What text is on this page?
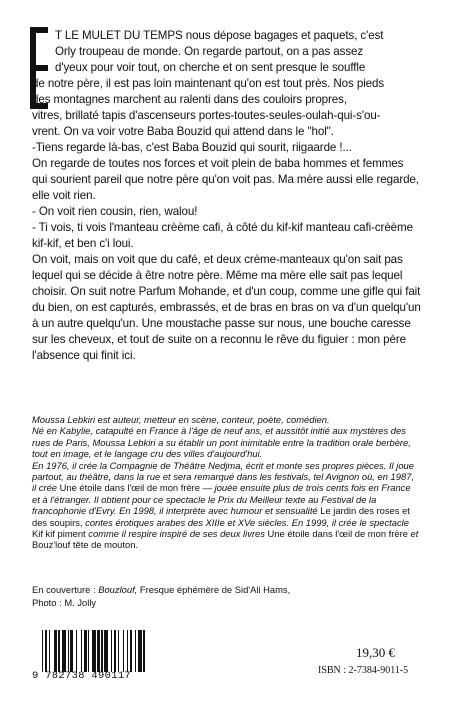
T LE MULET DU TEMPS nous dépose bagages et paquets, c'est

Orly troupeau de monde. On regarde partout, on a pas assez

d'yeux pour voir tout, on cherche et on sent presque le souffle

de notre père, il est pas loin maintenant qu'on est tout près. Nos pieds

des montagnes marchent au ralenti dans des couloirs propres,

vitres, brillaté tapis d'ascenseurs portes-toutes-seules-oulah-qui-s'ou-

vrent. On va voir votre Baba Bouzid qui attend dans le "hol".

-Tiens regarde là-bas, c'est Baba Bouzid qui sourit, riigaarde !...

On regarde de toutes nos forces et voit plein de baba hommes et femmes qui sourient pareil que notre père qu'on voit pas. Ma mère aussi elle regarde, elle voit rien.

- On voit rien cousin, rien, walou!

- Ti vois, ti vois l'manteau crèème cafi, à côté du kif-kif manteau cafi-crèème kif-kif, et ben c'i loui.

On voit, mais on voit que du café, et deux crème-manteaux qu'on sait pas lequel qui se décide à être notre père. Même ma mère elle sait pas lequel choisir. On suit notre Parfum Mohande, et d'un coup, comme une gifle qui fait du bien, on est capturés, embrassés, et de bras en bras on va d'un quelqu'un à un autre quelqu'un. Une moustache passe sur nous, une bouche caresse sur les cheveux, et tout de suite on a reconnu le rêve du figuier : mon père l'absence qui finit ici.

Moussa Lebkiri est auteur, metteur en scène, conteur, poète, comédien.

Né en Kabylie, catapulté en France à l'âge de neuf ans, et aussitôt initié aux mystères des rues de Paris, Moussa Lebkiri a su établir un pont inimitable entre la tradition orale berbère, tout en image, et le langage cru des villes d'aujourd'hui.

En 1976, il crée la Compagnie de Théâtre Nedjma, écrit et monte ses propres pièces. Il joue partout, au théâtre, dans la rue et sera remarqué dans les festivals, tel Avignon où, en 1987, il crée Une étoile dans l'œil de mon frère — jouée ensuite plus de trois cents fois en France et à l'étranger. Il obtient pour ce spectacle le Prix du Meilleur texte au Festival de la francophonie d'Evry. En 1998, il interprète avec humour et sensualité Le jardin des roses et des soupirs, contes érotiques arabes des XIIIe et XVe siècles. En 1999, il crée le spectacle Kif kif piment comme il respire inspiré de ses deux livres Une étoile dans l'œil de mon frère et Bouz'louf tête de mouton.

En couverture : Bouzlouf, Fresque éphémère de Sid'Ali Hams,

Photo : M. Jolly

9 782738 490117
19,30 €
ISBN : 2-7384-9011-5
